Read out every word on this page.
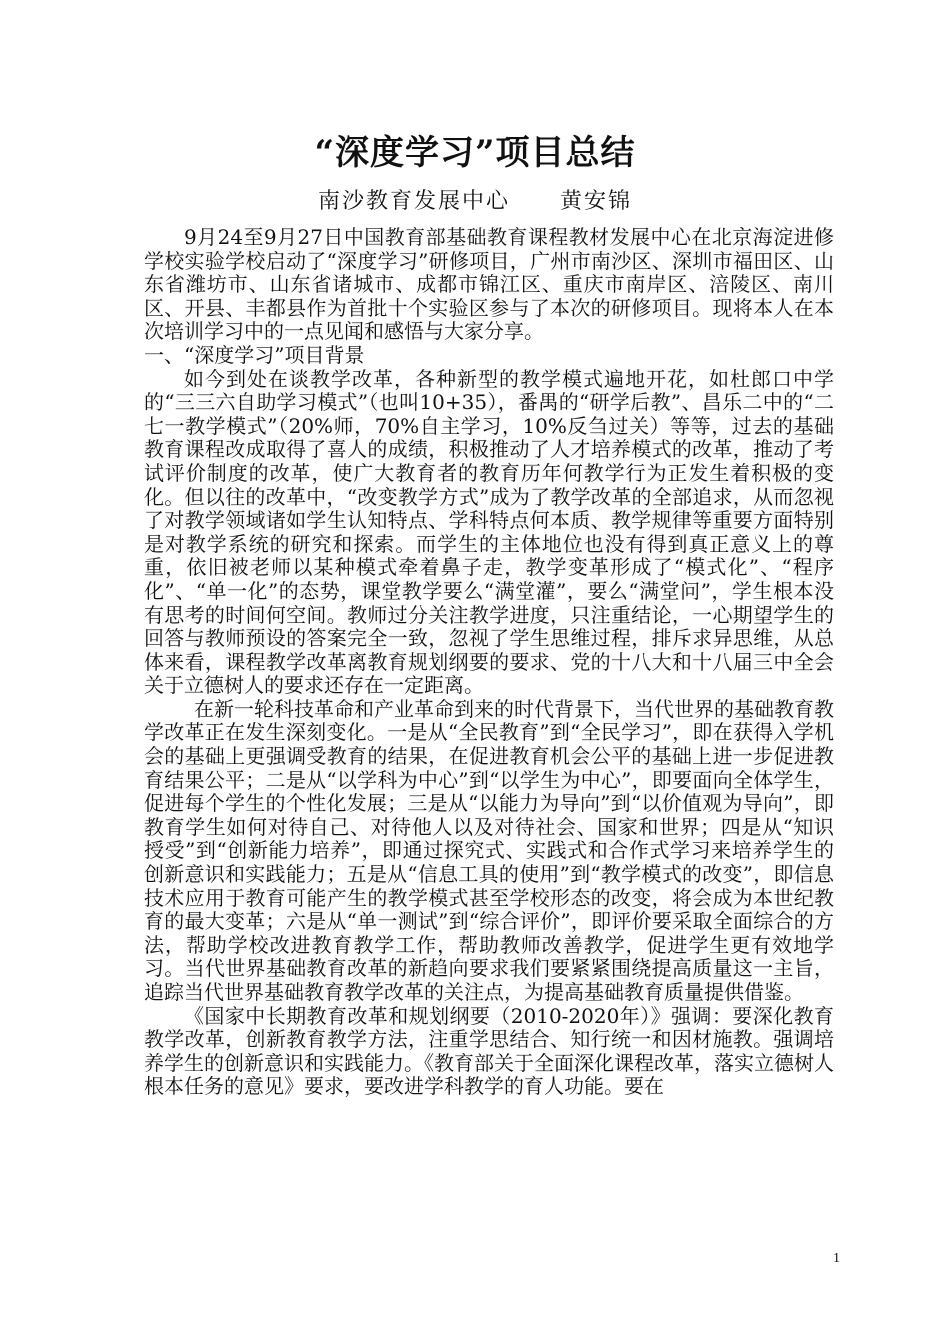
“深度学习”项目总结
南沙教育发展中心 黄安锦

9月24至9月27日中国教育部基础教育课程教材发展中心在北京海淀进修学校实验学校启动了“深度学习”研修项目，广州市南沙区、深圳市福田区、山东省潍坊市、山东省诸城市、成都市锦江区、重庆市南岸区、涪陵区、南川区、开县、丰都县作为首批十个实验区参与了本次的研修项目。现将本人在本次培训学习中的一点见闻和感悟与大家分享。

一、“深度学习”项目背景

如今到处在谈教学改革，各种新型的教学模式遍地开花，如杜郎口中学的“三三六自助学习模式”（也叫10+35），番禺的“研学后教”、昌乐二中的“二七一教学模式”（20%师，70%自主学习，10%反刍过关）等等，过去的基础教育课程改成取得了喜人的成绩，积极推动了人才培养模式的改革，推动了考试评价制度的改革，使广大教育者的教育历年何教学行为正发生着积极的变化。但以往的改革中，“改变教学方式”成为了教学改革的全部追求，从而忽视了对教学领域诸如学生认知特点、学科特点何本质、教学规律等重要方面特别是对教学系统的研究和探索。而学生的主体地位也没有得到真正意义上的尊重，依旧被老师以某种模式牵着鼻子走，教学变革形成了“模式化”、“程序化”、“单一化”的态势，课堂教学要么“满堂灌”，要么“满堂问”，学生根本没有思考的时间何空间。教师过分关注教学进度，只注重结论，一心期望学生的回答与教师预设的答案完全一致，忽视了学生思维过程，排斥求异思维，从总体来看，课程教学改革离教育规划纲要的要求、党的十八大和十八届三中全会关于立德树人的要求还存在一定距离。

在新一轮科技革命和产业革命到来的时代背景下，当代世界的基础教育教学改革正在发生深刻变化。一是从“全民教育”到“全民学习”，即在获得入学机会的基础上更强调受教育的结果，在促进教育机会公平的基础上进一步促进教育结果公平；二是从“以学科为中心”到“以学生为中心”，即要面向全体学生，促进每个学生的个性化发展；三是从“以能力为导向”到“以价值观为导向”，即教育学生如何对待自己、对待他人以及对待社会、国家和世界；四是从“知识授受”到“创新能力培养”，即通过探究式、实践式和合作式学习来培养学生的创新意识和实践能力；五是从“信息工具的使用”到“教学模式的改变”，即信息技术应用于教育可能产生的教学模式甚至学校形态的改变，将会成为本世纪教育的最大变革；六是从“单一测试”到“综合评价”，即评价要采取全面综合的方法，帮助学校改进教育教学工作，帮助教师改善教学，促进学生更有效地学习。当代世界基础教育改革的新趋向要求我们要紧紧围绕提高质量这一主旨，追踪当代世界基础教育教学改革的关注点，为提高基础教育质量提供借鉴。

《国家中长期教育改革和规划纲要（2010-2020年）》强调：要深化教育教学改革，创新教育教学方法，注重学思结合、知行统一和因材施教。强调培养学生的创新意识和实践能力。《教育部关于全面深化课程改革，落实立德树人根本任务的意见》要求，要改进学科教学的育人功能。要在

1
